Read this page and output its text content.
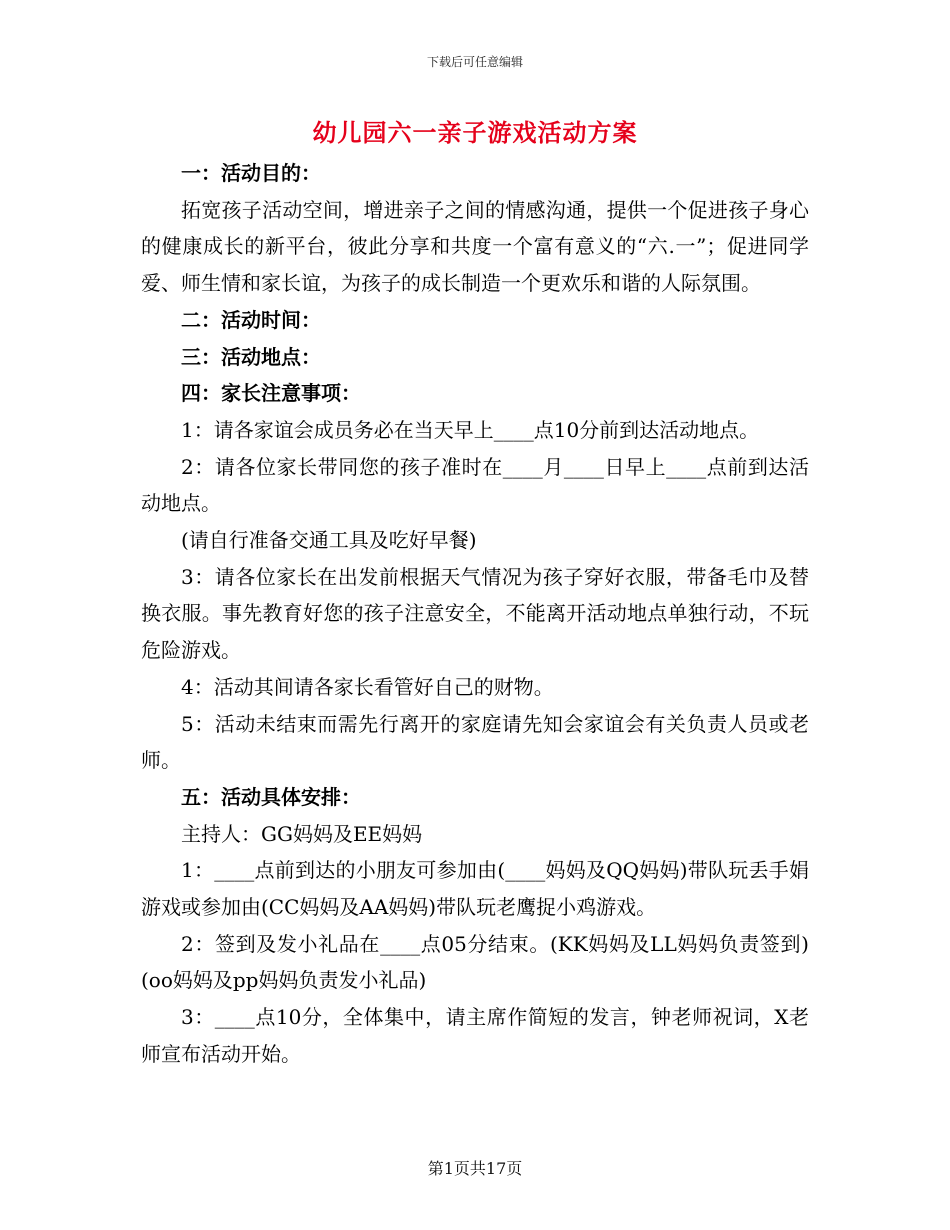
下载后可任意编辑
幼儿园六一亲子游戏活动方案

一：活动目的：

拓宽孩子活动空间，增进亲子之间的情感沟通，提供一个促进孩子身心的健康成长的新平台，彼此分享和共度一个富有意义的“六.一”；促进同学爱、师生情和家长谊，为孩子的成长制造一个更欢乐和谐的人际氛围。

二：活动时间：

三：活动地点：

四：家长注意事项：

1：请各家谊会成员务必在当天早上____点10分前到达活动地点。

2：请各位家长带同您的孩子准时在____月____日早上____点前到达活动地点。

(请自行准备交通工具及吃好早餐)

3：请各位家长在出发前根据天气情况为孩子穿好衣服，带备毛巾及替换衣服。事先教育好您的孩子注意安全，不能离开活动地点单独行动，不玩危险游戏。

4：活动其间请各家长看管好自己的财物。

5：活动未结束而需先行离开的家庭请先知会家谊会有关负责人员或老师。

五：活动具体安排：

主持人：GG妈妈及EE妈妈

1：____点前到达的小朋友可参加由(____妈妈及QQ妈妈)带队玩丢手娟游戏或参加由(CC妈妈及AA妈妈)带队玩老鹰捉小鸡游戏。

2：签到及发小礼品在____点05分结束。(KK妈妈及LL妈妈负责签到)(oo妈妈及pp妈妈负责发小礼品)

3：____点10分，全体集中，请主席作简短的发言，钟老师祝词，X老师宣布活动开始。

第1页共17页
